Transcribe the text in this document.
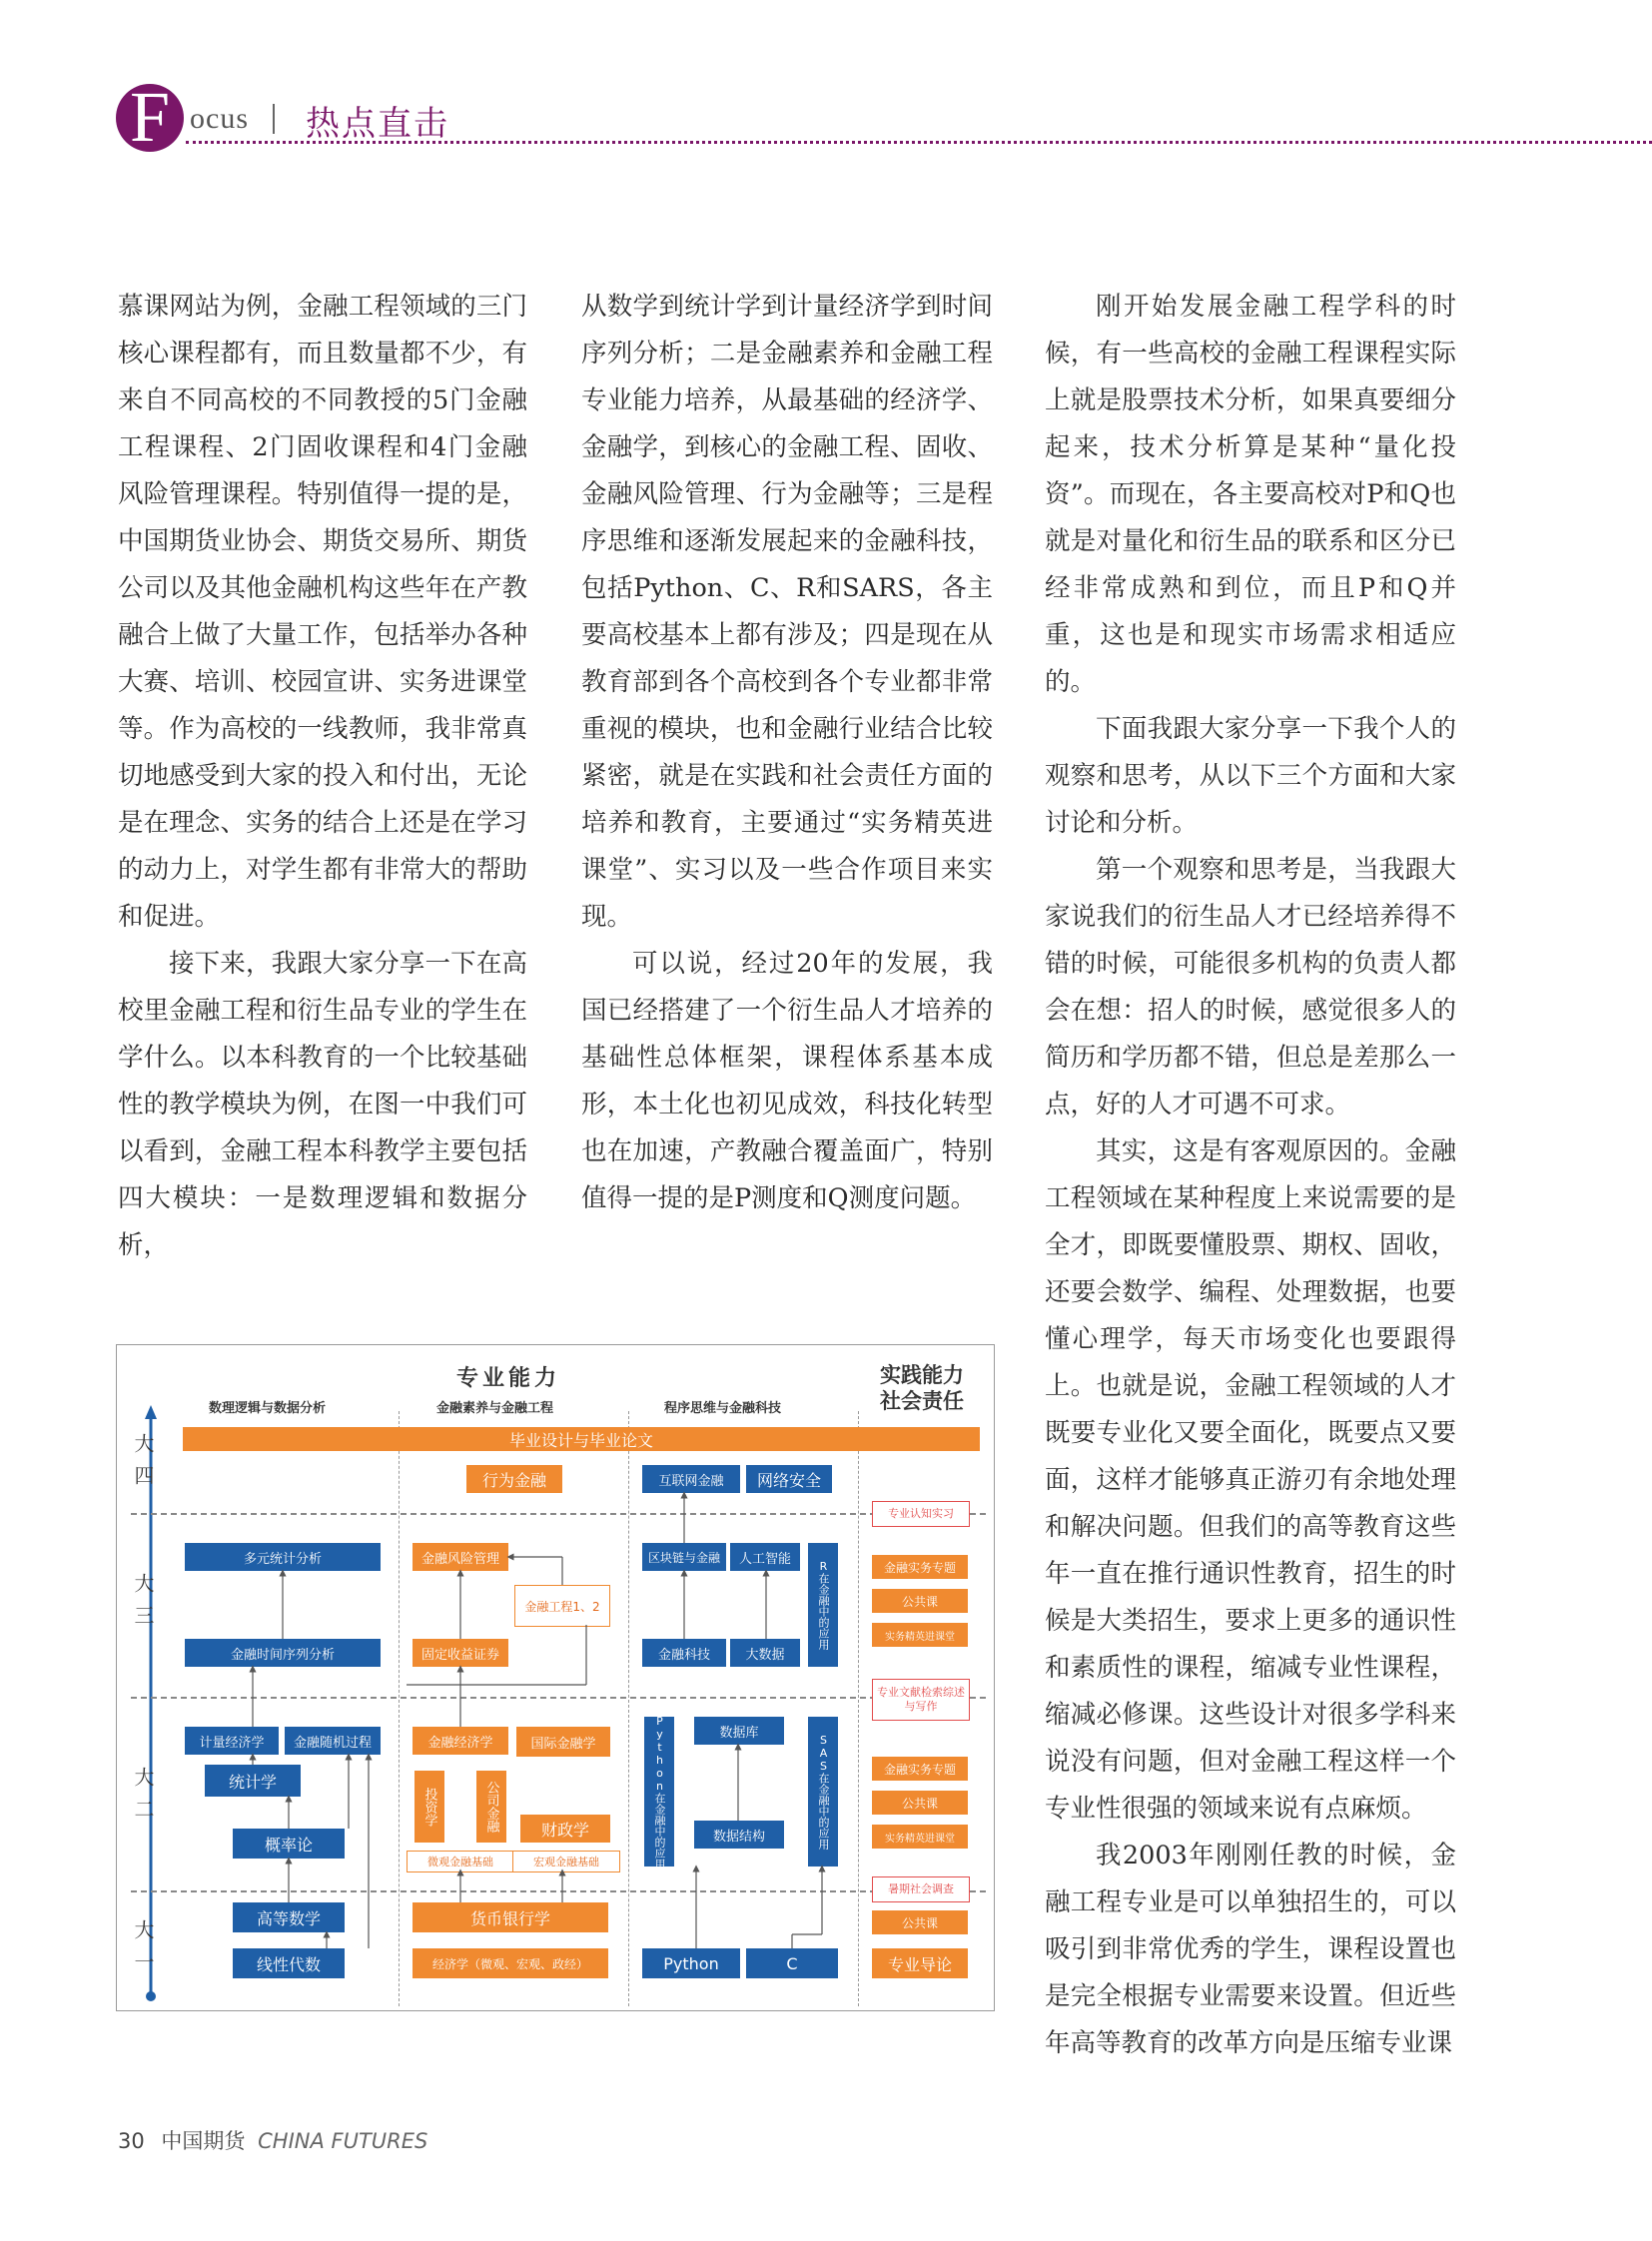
F ocus 热点直击

慕课网站为例，金融工程领域的三门核心课程都有，而且数量都不少，有来自不同高校的不同教授的5门金融工程课程、2门固收课程和4门金融风险管理课程。特别值得一提的是，中国期货业协会、期货交易所、期货公司以及其他金融机构这些年在产教融合上做了大量工作，包括举办各种大赛、培训、校园宣讲、实务进课堂等。作为高校的一线教师，我非常真切地感受到大家的投入和付出，无论是在理念、实务的结合上还是在学习的动力上，对学生都有非常大的帮助和促进。

接下来，我跟大家分享一下在高校里金融工程和衍生品专业的学生在学什么。以本科教育的一个比较基础性的教学模块为例，在图一中我们可以看到，金融工程本科教学主要包括四大模块：一是数理逻辑和数据分析，

从数学到统计学到计量经济学到时间序列分析；二是金融素养和金融工程专业能力培养，从最基础的经济学、金融学，到核心的金融工程、固收、金融风险管理、行为金融等；三是程序思维和逐渐发展起来的金融科技，包括Python、C、R和SARS，各主要高校基本上都有涉及；四是现在从教育部到各个高校到各个专业都非常重视的模块，也和金融行业结合比较紧密，就是在实践和社会责任方面的培养和教育，主要通过“实务精英进课堂”、实习以及一些合作项目来实现。

可以说，经过20年的发展，我国已经搭建了一个衍生品人才培养的基础性总体框架，课程体系基本成形，本土化也初见成效，科技化转型也在加速，产教融合覆盖面广，特别值得一提的是P测度和Q测度问题。

刚开始发展金融工程学科的时候，有一些高校的金融工程课程实际上就是股票技术分析，如果真要细分起来，技术分析算是某种“量化投资”。而现在，各主要高校对P和Q也就是对量化和衍生品的联系和区分已经非常成熟和到位，而且P和Q并重，这也是和现实市场需求相适应的。

下面我跟大家分享一下我个人的观察和思考，从以下三个方面和大家讨论和分析。

第一个观察和思考是，当我跟大家说我们的衍生品人才已经培养得不错的时候，可能很多机构的负责人都会在想：招人的时候，感觉很多人的简历和学历都不错，但总是差那么一点，好的人才可遇不可求。

其实，这是有客观原因的。金融工程领域在某种程度上来说需要的是全才，即既要懂股票、期权、固收，还要会数学、编程、处理数据，也要懂心理学，每天市场变化也要跟得上。也就是说，金融工程领域的人才既要专业化又要全面化，既要点又要面，这样才能够真正游刃有余地处理和解决问题。但我们的高等教育这些年一直在推行通识性教育，招生的时候是大类招生，要求上更多的通识性和素质性的课程，缩减专业性课程，缩减必修课。这些设计对很多学科来说没有问题，但对金融工程这样一个专业性很强的领域来说有点麻烦。

我2003年刚刚任教的时候，金融工程专业是可以单独招生的，可以吸引到非常优秀的学生，课程设置也是完全根据专业需要来设置。但近些年高等教育的改革方向是压缩专业课

专业能力	实践能力
社会责任
数理逻辑与数据分析	金融素养与金融工程	程序思维与金融科技
大四
大三
大二
大一
毕业设计与毕业论文
多元统计分析
金融时间序列分析
计量经济学	金融随机过程
统计学
概率论
高等数学
线性代数
行为金融
金融风险管理
金融工程1、2
固定收益证券
金融经济学	国际金融学
投资学	公司金融	财政学
微观金融基础	宏观金融基础
货币银行学
经济学（微观、宏观、政经）
互联网金融	网络安全
区块链与金融	人工智能
R在金融中的应用
金融科技	大数据
Python在金融中的应用	数据库
SAS在金融中的应用
数据结构
Python	C
专业认知实习
金融实务专题
公共课
实务精英进课堂
专业文献检索综述与写作
金融实务专题
公共课
实务精英进课堂
暑期社会调查
公共课
专业导论
30 中国期货 CHINA FUTURES
